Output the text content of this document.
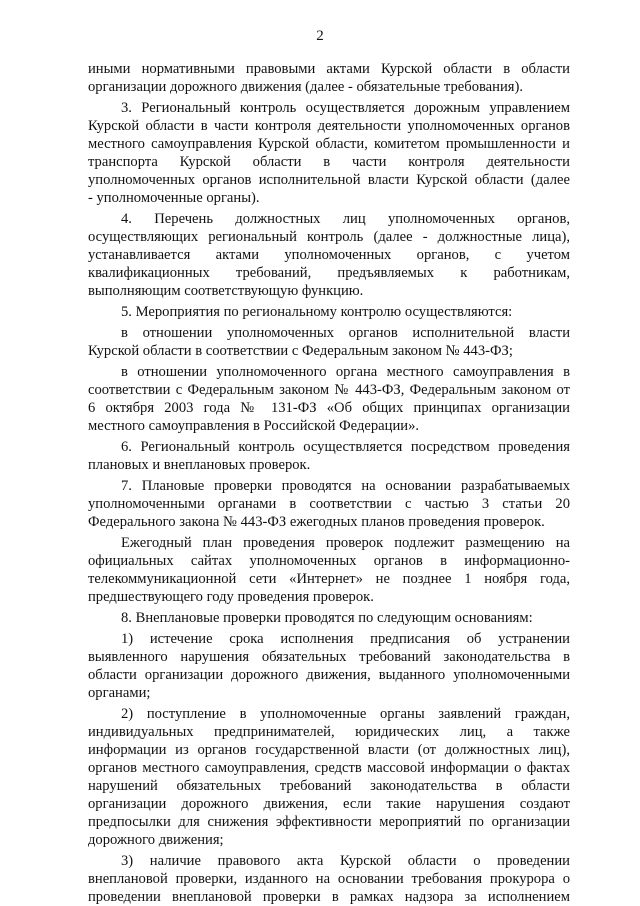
2
иными нормативными правовыми актами Курской области в области
организации дорожного движения (далее - обязательные требования).
3. Региональный контроль осуществляется дорожным управлением
Курской области в части контроля деятельности уполномоченных органов
местного самоуправления Курской области, комитетом промышленности и
транспорта Курской области в части контроля деятельности
уполномоченных органов исполнительной власти Курской области (далее
- уполномоченные органы).
4. Перечень должностных лиц уполномоченных органов,
осуществляющих региональный контроль (далее - должностные лица),
устанавливается актами уполномоченных органов, с учетом
квалификационных требований, предъявляемых к работникам,
выполняющим соответствующую функцию.
5. Мероприятия по региональному контролю осуществляются:
в отношении уполномоченных органов исполнительной власти
Курской области в соответствии с Федеральным законом № 443-ФЗ;
в отношении уполномоченного органа местного самоуправления в
соответствии с Федеральным законом № 443-ФЗ, Федеральным законом от
6 октября 2003 года № 131-ФЗ «Об общих принципах организации
местного самоуправления в Российской Федерации».
6. Региональный контроль осуществляется посредством проведения
плановых и внеплановых проверок.
7. Плановые проверки проводятся на основании разрабатываемых
уполномоченными органами в соответствии с частью 3 статьи 20
Федерального закона № 443-ФЗ ежегодных планов проведения проверок.
Ежегодный план проведения проверок подлежит размещению на
официальных сайтах уполномоченных органов в информационно-
телекоммуникационной сети «Интернет» не позднее 1 ноября года,
предшествующего году проведения проверок.
8. Внеплановые проверки проводятся по следующим основаниям:
1) истечение срока исполнения предписания об устранении
выявленного нарушения обязательных требований законодательства в
области организации дорожного движения, выданного уполномоченными
органами;
2) поступление в уполномоченные органы заявлений граждан,
индивидуальных предпринимателей, юридических лиц, а также
информации из органов государственной власти (от должностных лиц),
органов местного самоуправления, средств массовой информации о фактах
нарушений обязательных требований законодательства в области
организации дорожного движения, если такие нарушения создают
предпосылки для снижения эффективности мероприятий по организации
дорожного движения;
3) наличие правового акта Курской области о проведении
внеплановой проверки, изданного на основании требования прокурора о
проведении внеплановой проверки в рамках надзора за исполнением
